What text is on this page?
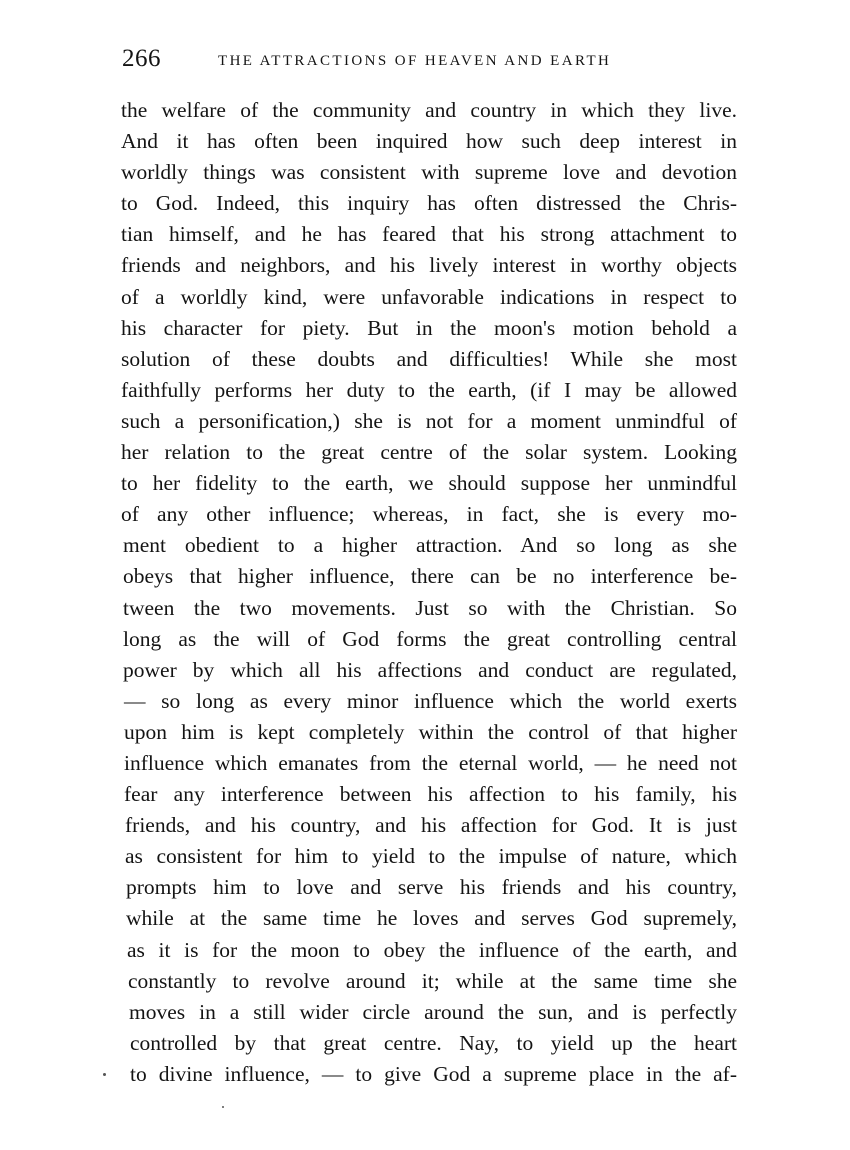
266	THE ATTRACTIONS OF HEAVEN AND EARTH
the welfare of the community and country in which they live.
And it has often been inquired how such deep interest in
worldly things was consistent with supreme love and devotion
to God. Indeed, this inquiry has often distressed the Chris-
tian himself, and he has feared that his strong attachment to
friends and neighbors, and his lively interest in worthy objects
of a worldly kind, were unfavorable indications in respect to
his character for piety. But in the moon's motion behold a
solution of these doubts and difficulties! While she most
faithfully performs her duty to the earth, (if I may be allowed
such a personification,) she is not for a moment unmindful of
her relation to the great centre of the solar system. Looking
to her fidelity to the earth, we should suppose her unmindful
of any other influence; whereas, in fact, she is every mo-
ment obedient to a higher attraction. And so long as she
obeys that higher influence, there can be no interference be-
tween the two movements. Just so with the Christian. So
long as the will of God forms the great controlling central
power by which all his affections and conduct are regulated,
— so long as every minor influence which the world exerts
upon him is kept completely within the control of that higher
influence which emanates from the eternal world, — he need not
fear any interference between his affection to his family, his
friends, and his country, and his affection for God. It is just
as consistent for him to yield to the impulse of nature, which
prompts him to love and serve his friends and his country,
while at the same time he loves and serves God supremely,
as it is for the moon to obey the influence of the earth, and
constantly to revolve around it; while at the same time she
moves in a still wider circle around the sun, and is perfectly
controlled by that great centre. Nay, to yield up the heart
to divine influence, — to give God a supreme place in the af-
